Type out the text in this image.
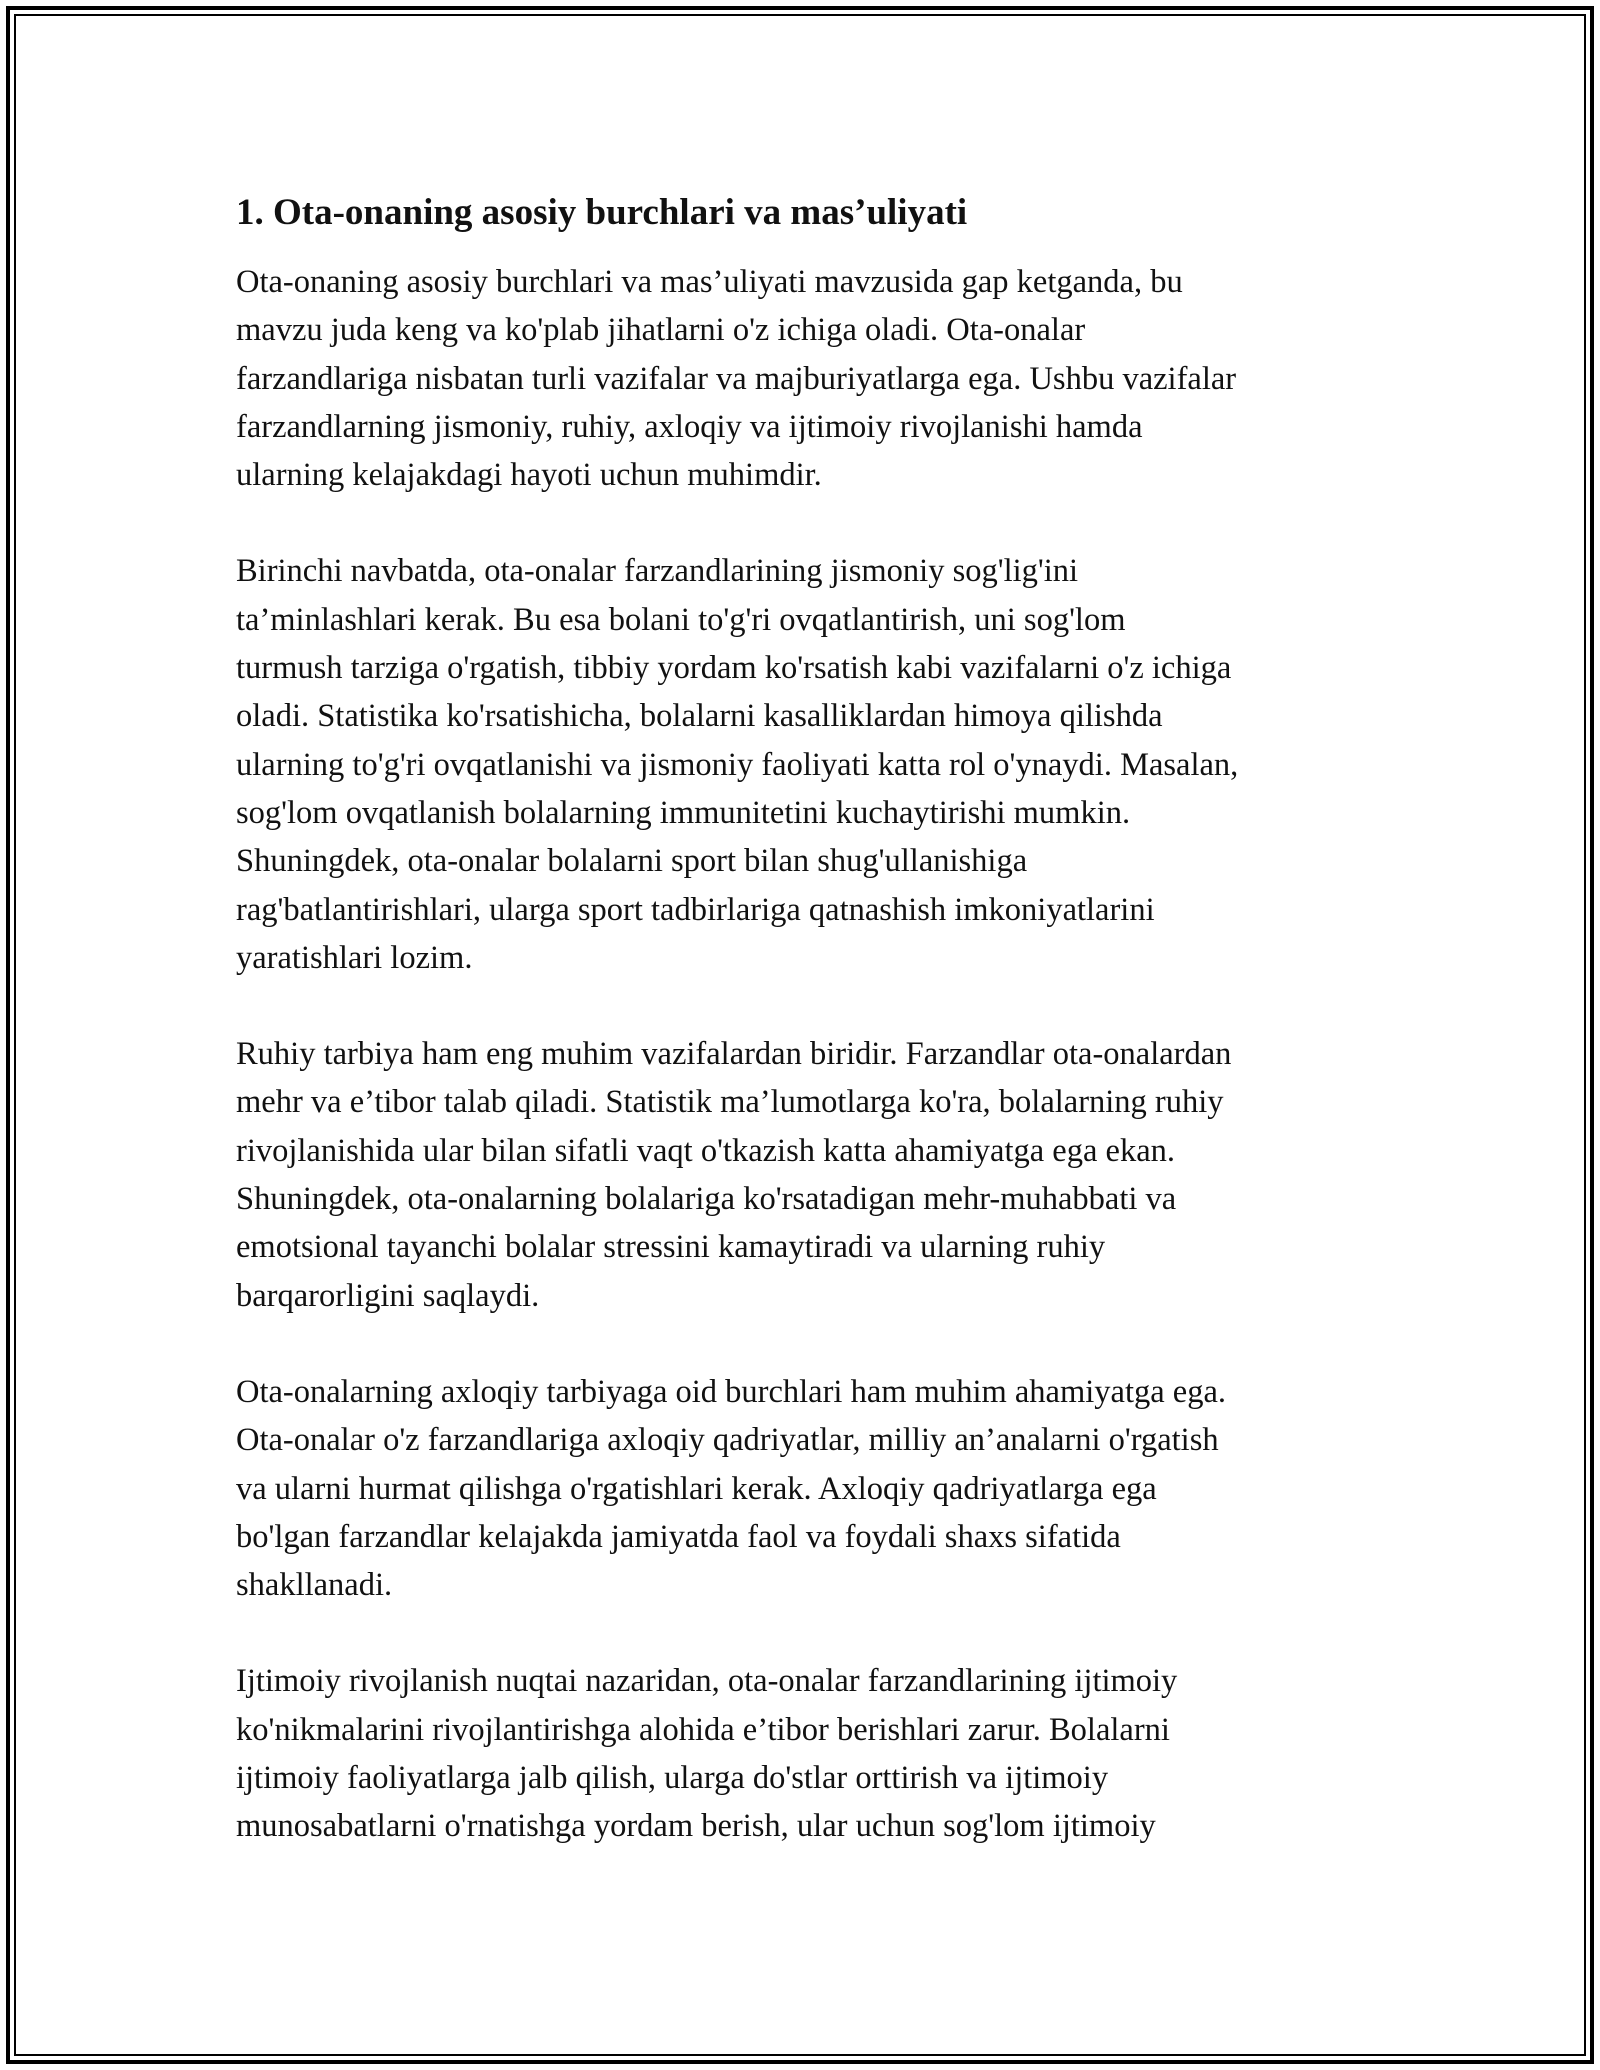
1. Ota-onaning asosiy burchlari va mas’uliyati

Ota-onaning asosiy burchlari va mas’uliyati mavzusida gap ketganda, bu
mavzu juda keng va ko'plab jihatlarni o'z ichiga oladi. Ota-onalar
farzandlariga nisbatan turli vazifalar va majburiyatlarga ega. Ushbu vazifalar
farzandlarning jismoniy, ruhiy, axloqiy va ijtimoiy rivojlanishi hamda
ularning kelajakdagi hayoti uchun muhimdir.

Birinchi navbatda, ota-onalar farzandlarining jismoniy sog'lig'ini
ta’minlashlari kerak. Bu esa bolani to'g'ri ovqatlantirish, uni sog'lom
turmush tarziga o'rgatish, tibbiy yordam ko'rsatish kabi vazifalarni o'z ichiga
oladi. Statistika ko'rsatishicha, bolalarni kasalliklardan himoya qilishda
ularning to'g'ri ovqatlanishi va jismoniy faoliyati katta rol o'ynaydi. Masalan,
sog'lom ovqatlanish bolalarning immunitetini kuchaytirishi mumkin.
Shuningdek, ota-onalar bolalarni sport bilan shug'ullanishiga
rag'batlantirishlari, ularga sport tadbirlariga qatnashish imkoniyatlarini
yaratishlari lozim.

Ruhiy tarbiya ham eng muhim vazifalardan biridir. Farzandlar ota-onalardan
mehr va e’tibor talab qiladi. Statistik ma’lumotlarga ko'ra, bolalarning ruhiy
rivojlanishida ular bilan sifatli vaqt o'tkazish katta ahamiyatga ega ekan.
Shuningdek, ota-onalarning bolalariga ko'rsatadigan mehr-muhabbati va
emotsional tayanchi bolalar stressini kamaytiradi va ularning ruhiy
barqarorligini saqlaydi.

Ota-onalarning axloqiy tarbiyaga oid burchlari ham muhim ahamiyatga ega.
Ota-onalar o'z farzandlariga axloqiy qadriyatlar, milliy an’analarni o'rgatish
va ularni hurmat qilishga o'rgatishlari kerak. Axloqiy qadriyatlarga ega
bo'lgan farzandlar kelajakda jamiyatda faol va foydali shaxs sifatida
shakllanadi.

Ijtimoiy rivojlanish nuqtai nazaridan, ota-onalar farzandlarining ijtimoiy
ko'nikmalarini rivojlantirishga alohida e’tibor berishlari zarur. Bolalarni
ijtimoiy faoliyatlarga jalb qilish, ularga do'stlar orttirish va ijtimoiy
munosabatlarni o'rnatishga yordam berish, ular uchun sog'lom ijtimoiy
